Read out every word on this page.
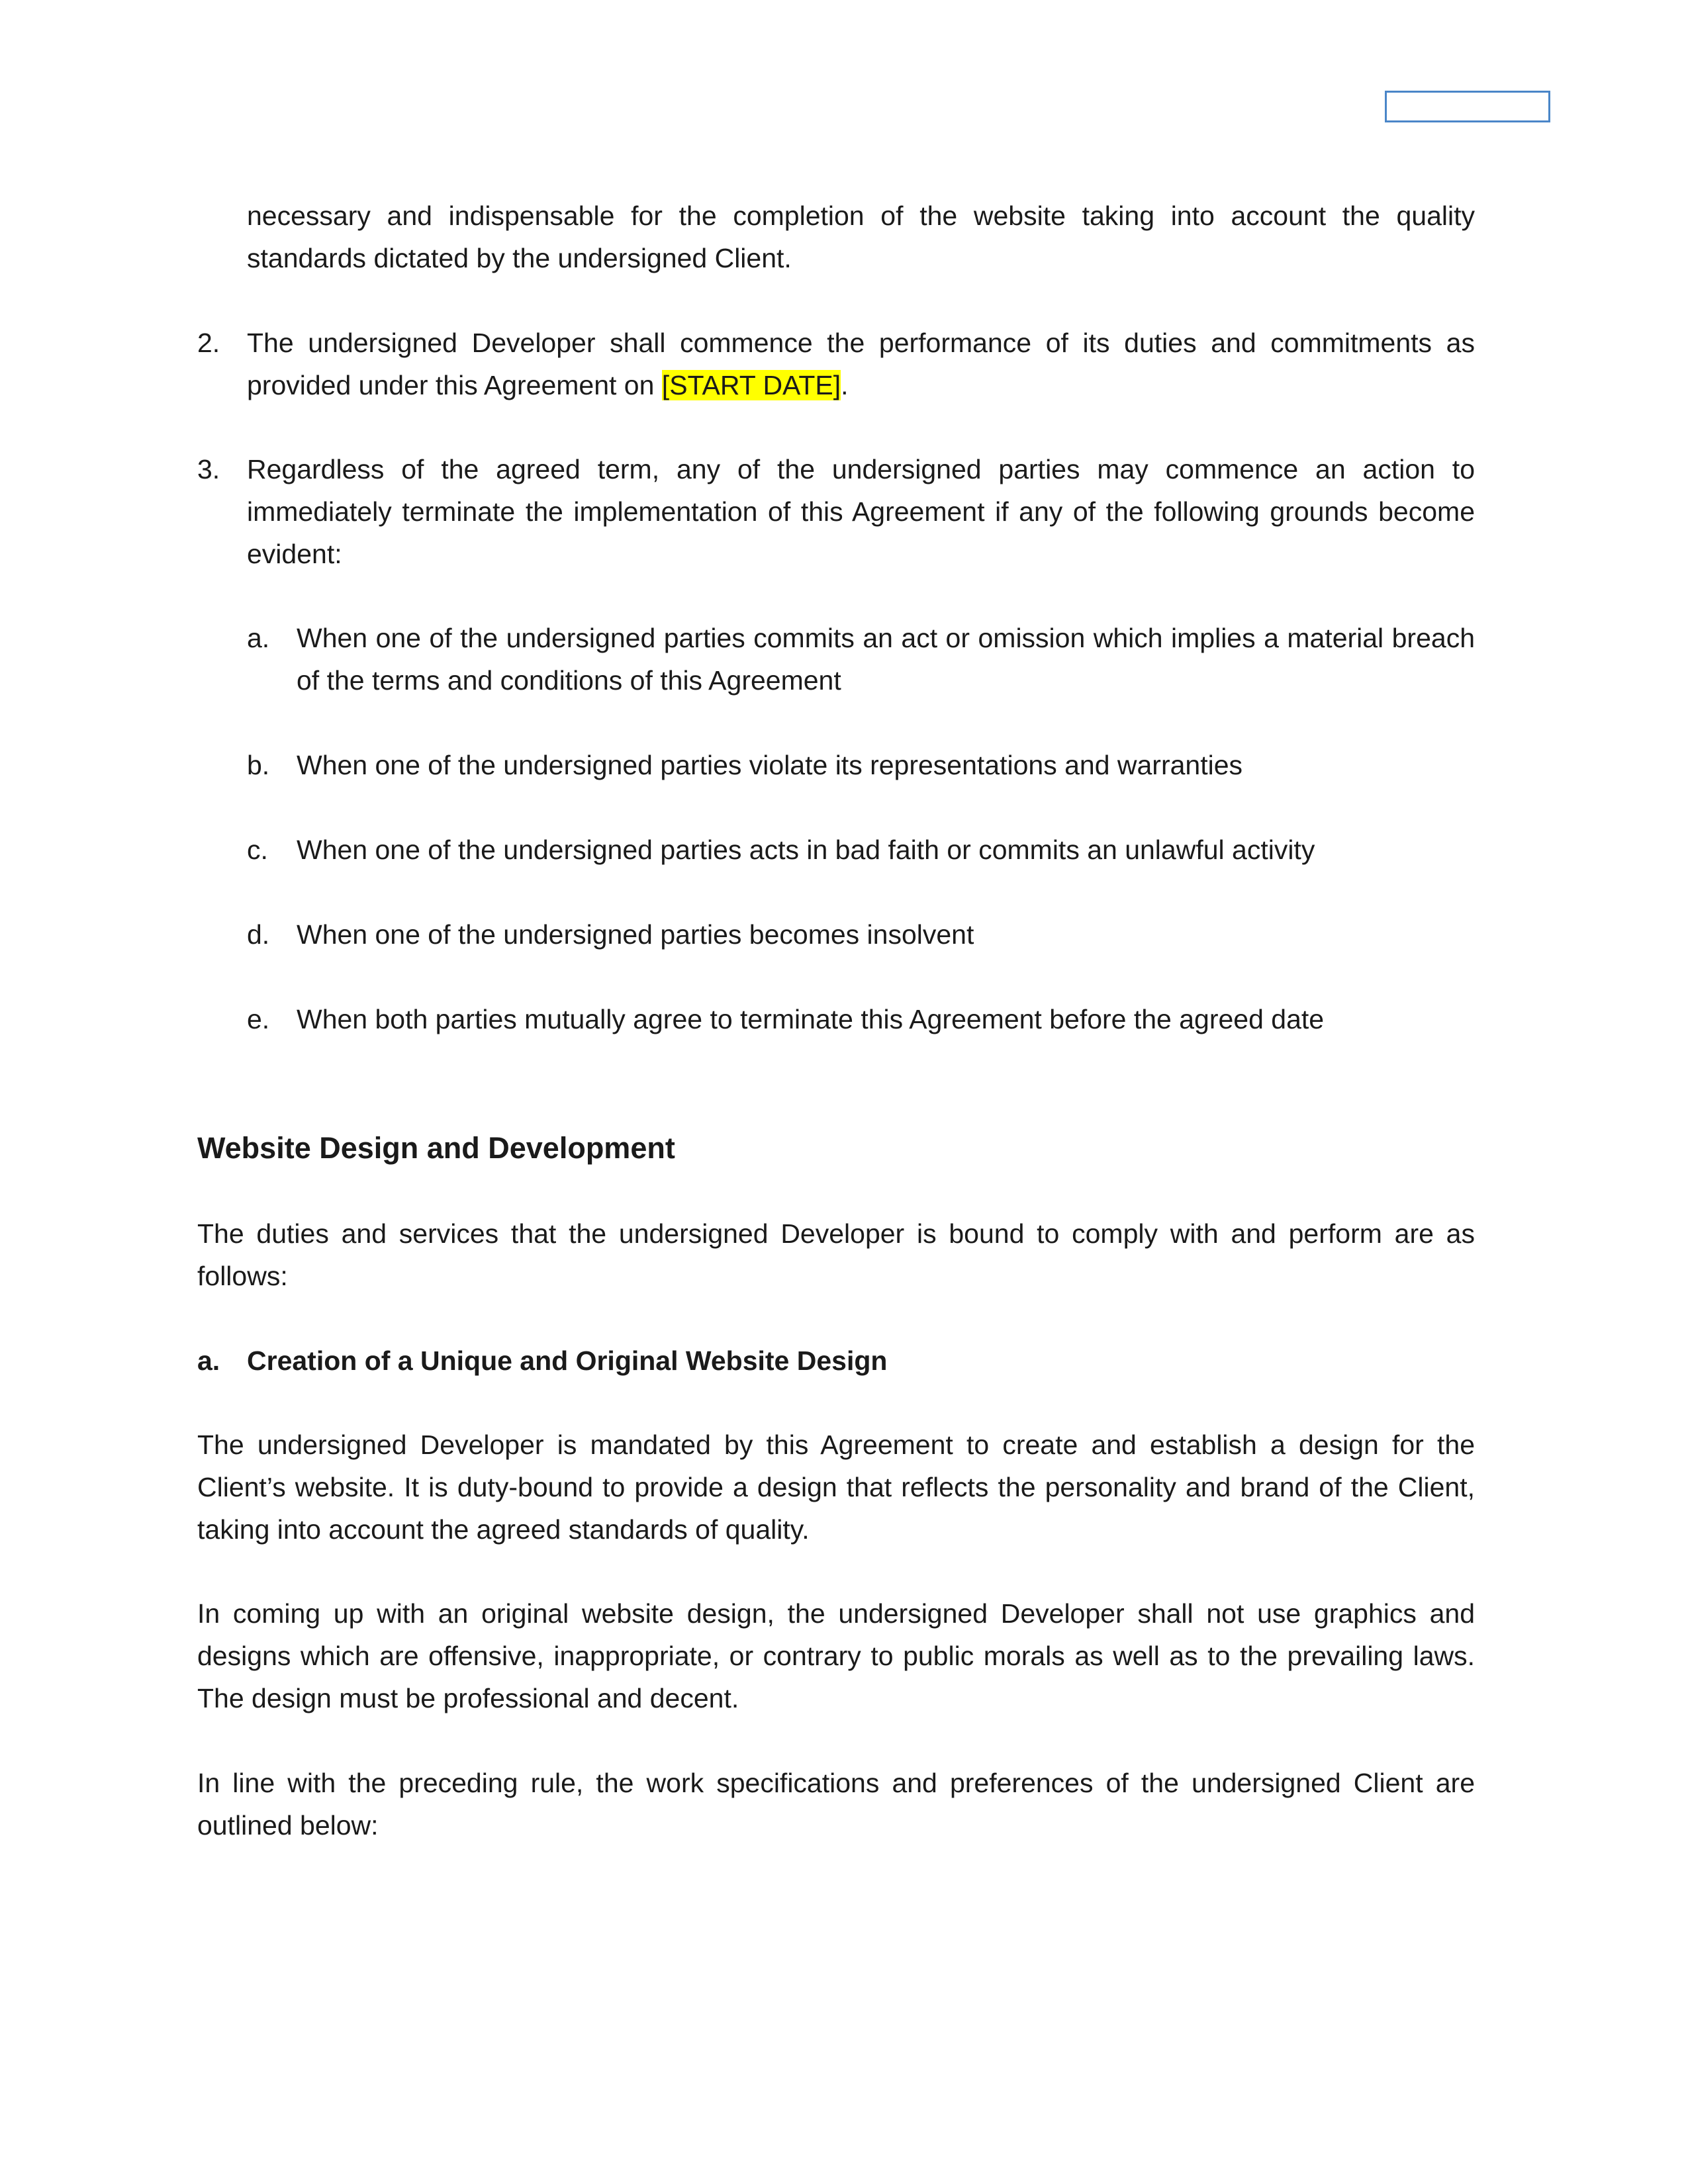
necessary and indispensable for the completion of the website taking into account the quality standards dictated by the undersigned Client.

2. The undersigned Developer shall commence the performance of its duties and commitments as provided under this Agreement on [START DATE].

3. Regardless of the agreed term, any of the undersigned parties may commence an action to immediately terminate the implementation of this Agreement if any of the following grounds become evident:

a. When one of the undersigned parties commits an act or omission which implies a material breach of the terms and conditions of this Agreement

b. When one of the undersigned parties violate its representations and warranties

c. When one of the undersigned parties acts in bad faith or commits an unlawful activity

d. When one of the undersigned parties becomes insolvent

e. When both parties mutually agree to terminate this Agreement before the agreed date

Website Design and Development

The duties and services that the undersigned Developer is bound to comply with and perform are as follows:

a. Creation of a Unique and Original Website Design

The undersigned Developer is mandated by this Agreement to create and establish a design for the Client’s website. It is duty-bound to provide a design that reflects the personality and brand of the Client, taking into account the agreed standards of quality.

In coming up with an original website design, the undersigned Developer shall not use graphics and designs which are offensive, inappropriate, or contrary to public morals as well as to the prevailing laws. The design must be professional and decent.

In line with the preceding rule, the work specifications and preferences of the undersigned Client are outlined below:
